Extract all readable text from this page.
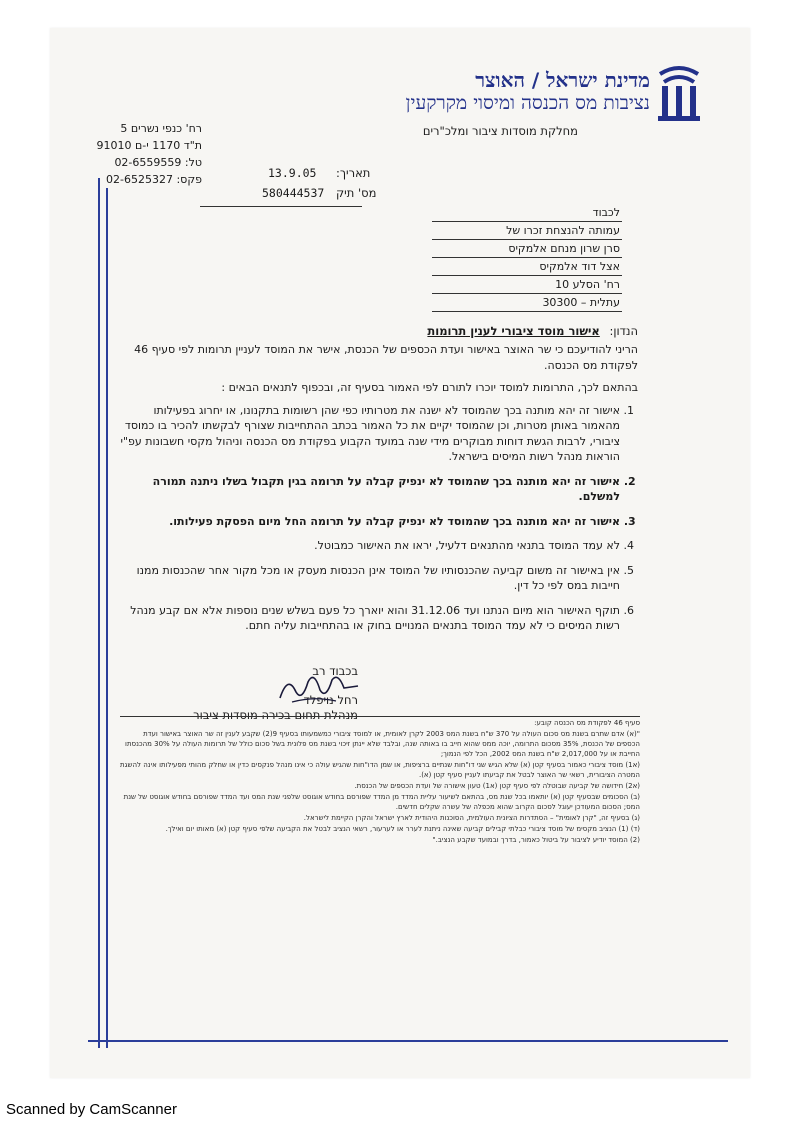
מדינת ישראל / האוצר
נציבות מס הכנסה ומיסוי מקרקעין
מחלקת מוסדות ציבור ומלכ"רים
רח' כנפי נשרים 5
ת"ד 1170 י-ם 91010
טל: 02-6559559
פקס: 02-6525327	תאריך:
13.9.05
מס' תיק
580444537
לכבוד
עמותה להנצחת זכרו של
סרן שרון מנחם אלמקיס
אצל דוד אלמקיס
רח' הסלע 10
עתלית – 30300
הנדון: אישור מוסד ציבורי לענין תרומות

הריני להודיעכם כי שר האוצר באישור ועדת הכספים של הכנסת, אישר את המוסד לעניין תרומות לפי סעיף 46 לפקודת מס הכנסה.

בהתאם לכך, התרומות למוסד יוכרו לתורם לפי האמור בסעיף זה, ובכפוף לתנאים הבאים :

1. אישור זה יהא מותנה בכך שהמוסד לא ישנה את מטרותיו כפי שהן רשומות בתקנונו, או יחרוג בפעילותו מהאמור באותן מטרות, וכן שהמוסד יקיים את כל האמור בכתב ההתחייבות שצורף לבקשתו להכיר בו כמוסד ציבורי, לרבות הגשת דוחות מבוקרים מידי שנה במועד הקבוע בפקודת מס הכנסה וניהול מקסי חשבונות עפ"י הוראות מנהל רשות המיסים בישראל.
2. אישור זה יהא מותנה בכך שהמוסד לא ינפיק קבלה על תרומה בגין תקבול בשלו ניתנה תמורה למשלם.
3. אישור זה יהא מותנה בכך שהמוסד לא ינפיק קבלה על תרומה החל מיום הפסקת פעילותו.
4. לא עמד המוסד בתנאי מהתנאים דלעיל, יראו את האישור כמבוטל.
5. אין באישור זה משום קביעה שהכנסותיו של המוסד אינן הכנסות מעסק או מכל מקור אחר שהכנסות ממנו חייבות במס לפי כל דין.
6. תוקף האישור הוא מיום הנתנו ועד 31.12.06 והוא יוארך כל פעם בשלש שנים נוספות אלא אם קבע מנהל רשות המיסים כי לא עמד המוסד בתנאים המנויים בחוק או בהתחייבות עליה חתם.
בכבוד רב
רחל נויפלד
מנהלת תחום בכירה מוסדות ציבור
סעיף 46 לפקודת מס הכנסה קובע:
"(א) אדם שתרם בשנת מס סכום העולה על 370 ש"ח בשנת המס 2003 לקרן לאומית, או למוסד ציבורי כמשמעותו בסעיף 9(2) שקבע לענין זה שר האוצר באישור ועדת הכספים של הכנסת, 35% מסכום התרומה, יוכה ממס שהוא חייב בו באותה שנה, ובלבד שלא יינתן זיכוי בשנת מס פלונית בשל סכום כולל של תרומות העולה על 30% מהכנסתו החייבת או על 2,017,000 ש"ח בשנת המס 2002, הכל לפי הנמוך;
(א1) מוסד ציבורי כאמור בסעיף קטן (א) שלא הגיש שני דו"חות שנתיים ברציפות, או שמן הדו"חות שהגיש עולה כי אינו מנהל פנקסים כדין או שחלק מהותי מפעילותו אינה להשגת המטרה הציבורית, רשאי שר האוצר לבטל את קביעתו לעניין סעיף קטן (א).
(א2) חידושה של קביעה שבוטלה לפי סעיף קטן (א1) טעון אישורה של ועדת הכספים של הכנסת.
(ב) הסכומים שבסעיף קטן (א) יותאמו בכל שנת מס, בהתאם לשיעור עליית המדד מן המדד שפורסם בחודש אוגוסט שלפני שנת המס ועד המדד שפורסם בחודש אוגוסט של שנת המס; הסכום המעודכן יעוגל לסכום הקרוב שהוא מכפלה של עשרה שקלים חדשים.
(ג) בסעיף זה, "קרן לאומית" – הסתדרות הציונית העולמית, הסוכנות היהודית לארץ ישראל והקרן הקיימת לישראל.
(ד) (1) הנציב מקסימ של מוסד ציבורי כבלתי קבילים קביעה שאינה ניתנת לערר או לערעור, רשאי הנציב לבטל את הקביעה שלפי סעיף קטן (א) מאותו יום ואילך.
(2) המוסד יודיע לציבור על ביטול כאמור, בדרך ובמועד שקבע הנציב."
Scanned by CamScanner
